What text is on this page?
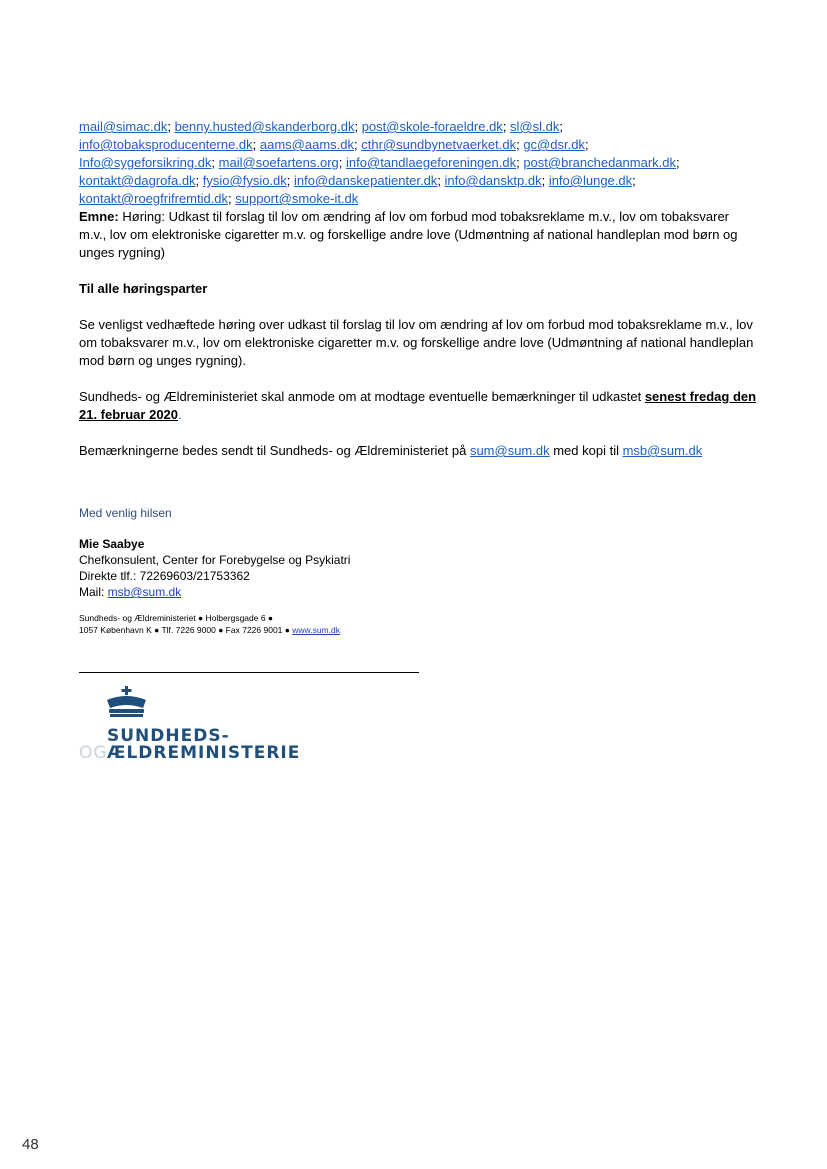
mail@simac.dk; benny.husted@skanderborg.dk; post@skole-foraeldre.dk; sl@sl.dk;

info@tobaksproducenterne.dk; aams@aams.dk; cthr@sundbynetvaerket.dk; gc@dsr.dk;

Info@sygeforsikring.dk; mail@soefartens.org; info@tandlaegeforeningen.dk; post@branchedanmark.dk;

kontakt@dagrofa.dk; fysio@fysio.dk; info@danskepatienter.dk; info@dansktp.dk; info@lunge.dk;

kontakt@roegfrifremtid.dk; support@smoke-it.dk

Emne: Høring: Udkast til forslag til lov om ændring af lov om forbud mod tobaksreklame m.v., lov om tobaksvarer m.v., lov om elektroniske cigaretter m.v. og forskellige andre love (Udmøntning af national handleplan mod børn og unges rygning)

Til alle høringsparter

Se venligst vedhæftede høring over udkast til forslag til lov om ændring af lov om forbud mod tobaksreklame m.v., lov om tobaksvarer m.v., lov om elektroniske cigaretter m.v. og forskellige andre love (Udmøntning af national handleplan mod børn og unges rygning).

Sundheds- og Ældreministeriet skal anmode om at modtage eventuelle bemærkninger til udkastet senest fredag den 21. februar 2020.

Bemærkningerne bedes sendt til Sundheds- og Ældreministeriet på sum@sum.dk med kopi til msb@sum.dk

Med venlig hilsen

Mie Saabye

Chefkonsulent, Center for Forebygelse og Psykiatri

Direkte tlf.: 72269603/21753362

Mail: msb@sum.dk

Sundheds- og Ældreministeriet ● Holbergsgade 6 ●

1057 København K ● Tlf. 7226 9000 ● Fax 7226 9001 ● www.sum.dk

SUNDHEDS-
OG ÆLDREMINISTERIET
48
